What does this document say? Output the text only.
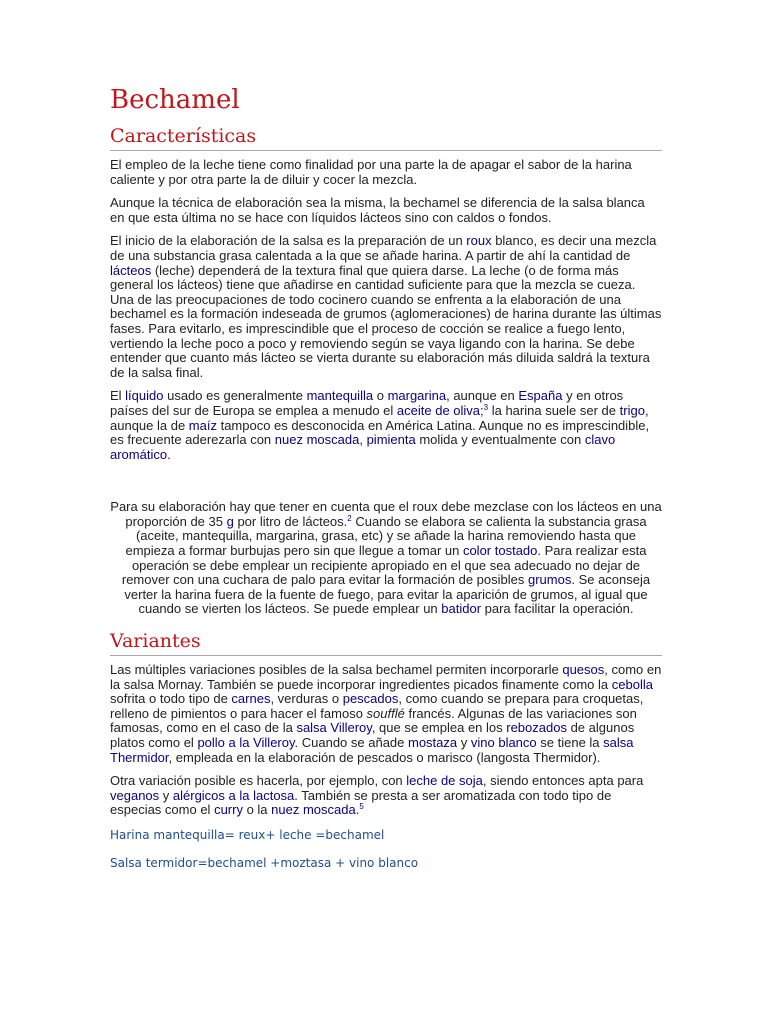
Bechamel
Características

El empleo de la leche tiene como finalidad por una parte la de apagar el sabor de la harina caliente y por otra parte la de diluir y cocer la mezcla.

Aunque la técnica de elaboración sea la misma, la bechamel se diferencia de la salsa blanca en que esta última no se hace con líquidos lácteos sino con caldos o fondos.

El inicio de la elaboración de la salsa es la preparación de un roux blanco, es decir una mezcla de una substancia grasa calentada a la que se añade harina. A partir de ahí la cantidad de lácteos (leche) dependerá de la textura final que quiera darse. La leche (o de forma más general los lácteos) tiene que añadirse en cantidad suficiente para que la mezcla se cueza. Una de las preocupaciones de todo cocinero cuando se enfrenta a la elaboración de una bechamel es la formación indeseada de grumos (aglomeraciones) de harina durante las últimas fases. Para evitarlo, es imprescindible que el proceso de cocción se realice a fuego lento, vertiendo la leche poco a poco y removiendo según se vaya ligando con la harina. Se debe entender que cuanto más lácteo se vierta durante su elaboración más diluida saldrá la textura de la salsa final.

El líquido usado es generalmente mantequilla o margarina, aunque en España y en otros países del sur de Europa se emplea a menudo el aceite de oliva;$^3$ la harina suele ser de trigo, aunque la de maíz tampoco es desconocida en América Latina. Aunque no es imprescindible, es frecuente aderezarla con nuez moscada, pimienta molida y eventualmente con clavo aromático.

Para su elaboración hay que tener en cuenta que el roux debe mezclase con los lácteos en una proporción de 35 g por litro de lácteos.$^2$ Cuando se elabora se calienta la substancia grasa (aceite, mantequilla, margarina, grasa, etc) y se añade la harina removiendo hasta que empieza a formar burbujas pero sin que llegue a tomar un color tostado. Para realizar esta operación se debe emplear un recipiente apropiado en el que sea adecuado no dejar de remover con una cuchara de palo para evitar la formación de posibles grumos. Se aconseja verter la harina fuera de la fuente de fuego, para evitar la aparición de grumos, al igual que cuando se vierten los lácteos. Se puede emplear un batidor para facilitar la operación.

Variantes

Las múltiples variaciones posibles de la salsa bechamel permiten incorporarle quesos, como en la salsa Mornay. También se puede incorporar ingredientes picados finamente como la cebolla sofrita o todo tipo de carnes, verduras o pescados, como cuando se prepara para croquetas, relleno de pimientos o para hacer el famoso soufflé francés. Algunas de las variaciones son famosas, como en el caso de la salsa Villeroy, que se emplea en los rebozados de algunos platos como el pollo a la Villeroy. Cuando se añade mostaza y vino blanco se tiene la salsa Thermidor, empleada en la elaboración de pescados o marisco (langosta Thermidor).

Otra variación posible es hacerla, por ejemplo, con leche de soja, siendo entonces apta para veganos y alérgicos a la lactosa. También se presta a ser aromatizada con todo tipo de especias como el curry o la nuez moscada.$^5$

Harina mantequilla= reux+ leche =bechamel

Salsa termidor=bechamel +moztasa + vino blanco
